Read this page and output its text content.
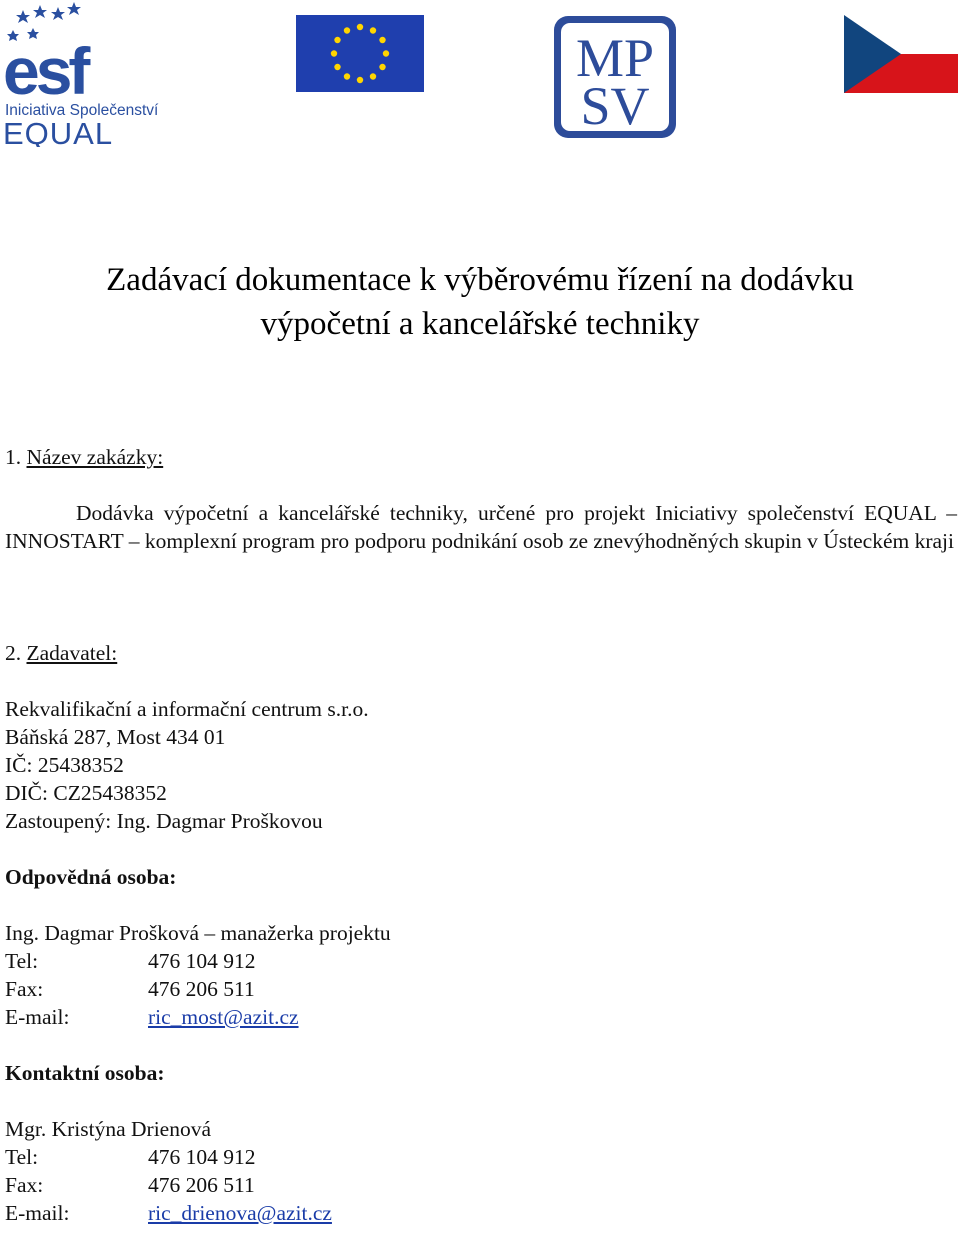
esf
Iniciativa Společenství
EQUAL
MP
SV
Zadávací dokumentace k výběrovému řízení na dodávku
výpočetní a kancelářské techniky
1. Název zakázky:
Dodávka výpočetní a kancelářské techniky, určené pro projekt Iniciativy společenství EQUAL – INNOSTART – komplexní program pro podporu podnikání osob ze znevýhodněných skupin v Ústeckém kraji
2. Zadavatel:
Rekvalifikační a informační centrum s.r.o.
Báňská 287, Most 434 01
IČ: 25438352
DIČ: CZ25438352
Zastoupený: Ing. Dagmar Proškovou
Odpovědná osoba:
Ing. Dagmar Prošková – manažerka projektu
Tel:	476 104 912
Fax:	476 206 511
E-mail:	ric_most@azit.cz
Kontaktní osoba:
Mgr. Kristýna Drienová
Tel:	476 104 912
Fax:	476 206 511
E-mail:	ric_drienova@azit.cz
